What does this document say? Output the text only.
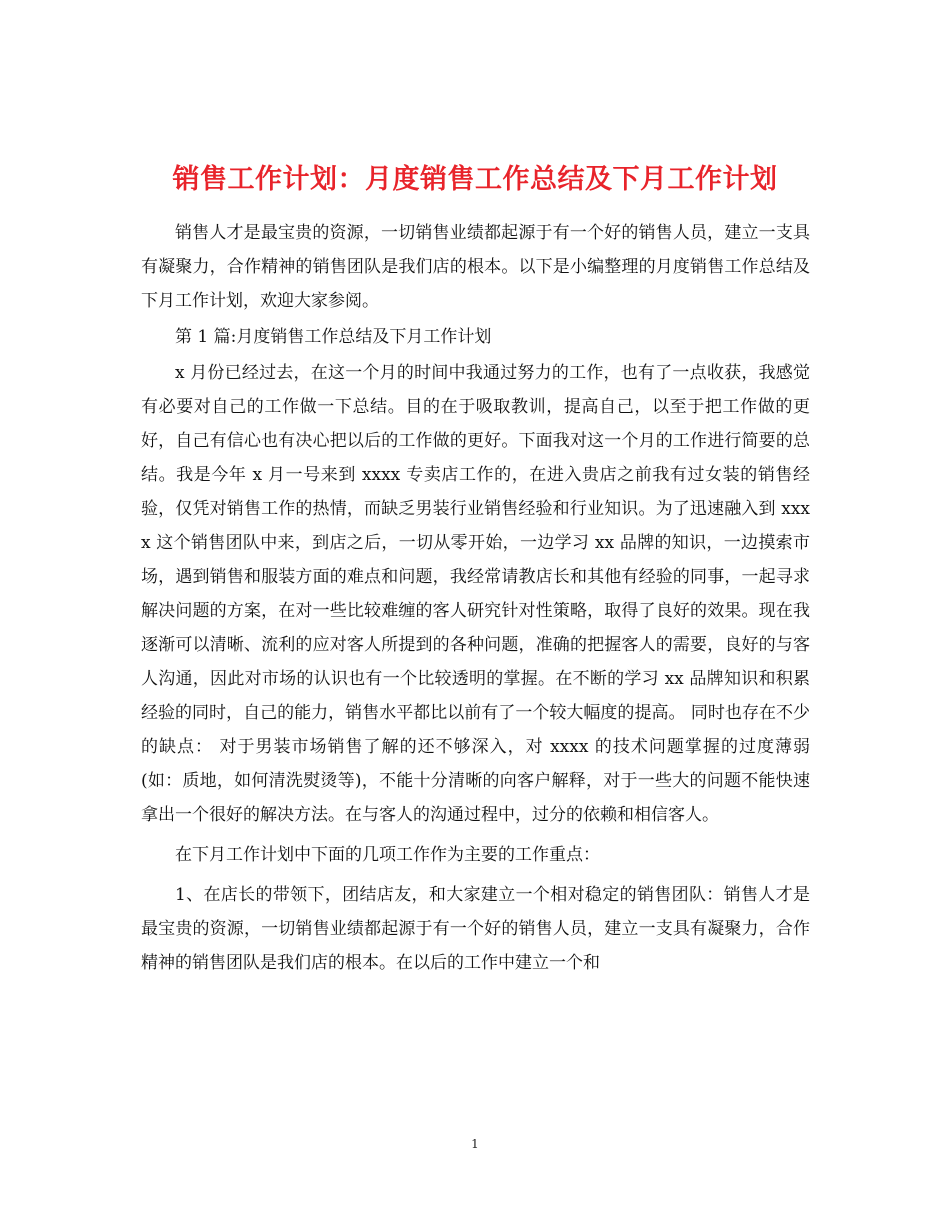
销售工作计划：月度销售工作总结及下月工作计划

销售人才是最宝贵的资源，一切销售业绩都起源于有一个好的销售人员，建立一支具有凝聚力，合作精神的销售团队是我们店的根本。以下是小编整理的月度销售工作总结及下月工作计划，欢迎大家参阅。

第 1 篇:月度销售工作总结及下月工作计划

x 月份已经过去，在这一个月的时间中我通过努力的工作，也有了一点收获，我感觉有必要对自己的工作做一下总结。目的在于吸取教训，提高自己，以至于把工作做的更好，自己有信心也有决心把以后的工作做的更好。下面我对这一个月的工作进行简要的总结。我是今年 x 月一号来到 xxxx 专卖店工作的，在进入贵店之前我有过女装的销售经验，仅凭对销售工作的热情，而缺乏男装行业销售经验和行业知识。为了迅速融入到 xxxx 这个销售团队中来，到店之后，一切从零开始，一边学习 xx 品牌的知识，一边摸索市场，遇到销售和服装方面的难点和问题，我经常请教店长和其他有经验的同事，一起寻求解决问题的方案，在对一些比较难缠的客人研究针对性策略，取得了良好的效果。现在我逐渐可以清晰、流利的应对客人所提到的各种问题，准确的把握客人的需要，良好的与客人沟通，因此对市场的认识也有一个比较透明的掌握。在不断的学习 xx 品牌知识和积累经验的同时，自己的能力，销售水平都比以前有了一个较大幅度的提高。 同时也存在不少的缺点： 对于男装市场销售了解的还不够深入，对 xxxx 的技术问题掌握的过度薄弱(如：质地，如何清洗熨烫等)，不能十分清晰的向客户解释，对于一些大的问题不能快速拿出一个很好的解决方法。在与客人的沟通过程中，过分的依赖和相信客人。

在下月工作计划中下面的几项工作作为主要的工作重点：

1、在店长的带领下，团结店友，和大家建立一个相对稳定的销售团队：销售人才是最宝贵的资源，一切销售业绩都起源于有一个好的销售人员，建立一支具有凝聚力，合作精神的销售团队是我们店的根本。在以后的工作中建立一个和

1
